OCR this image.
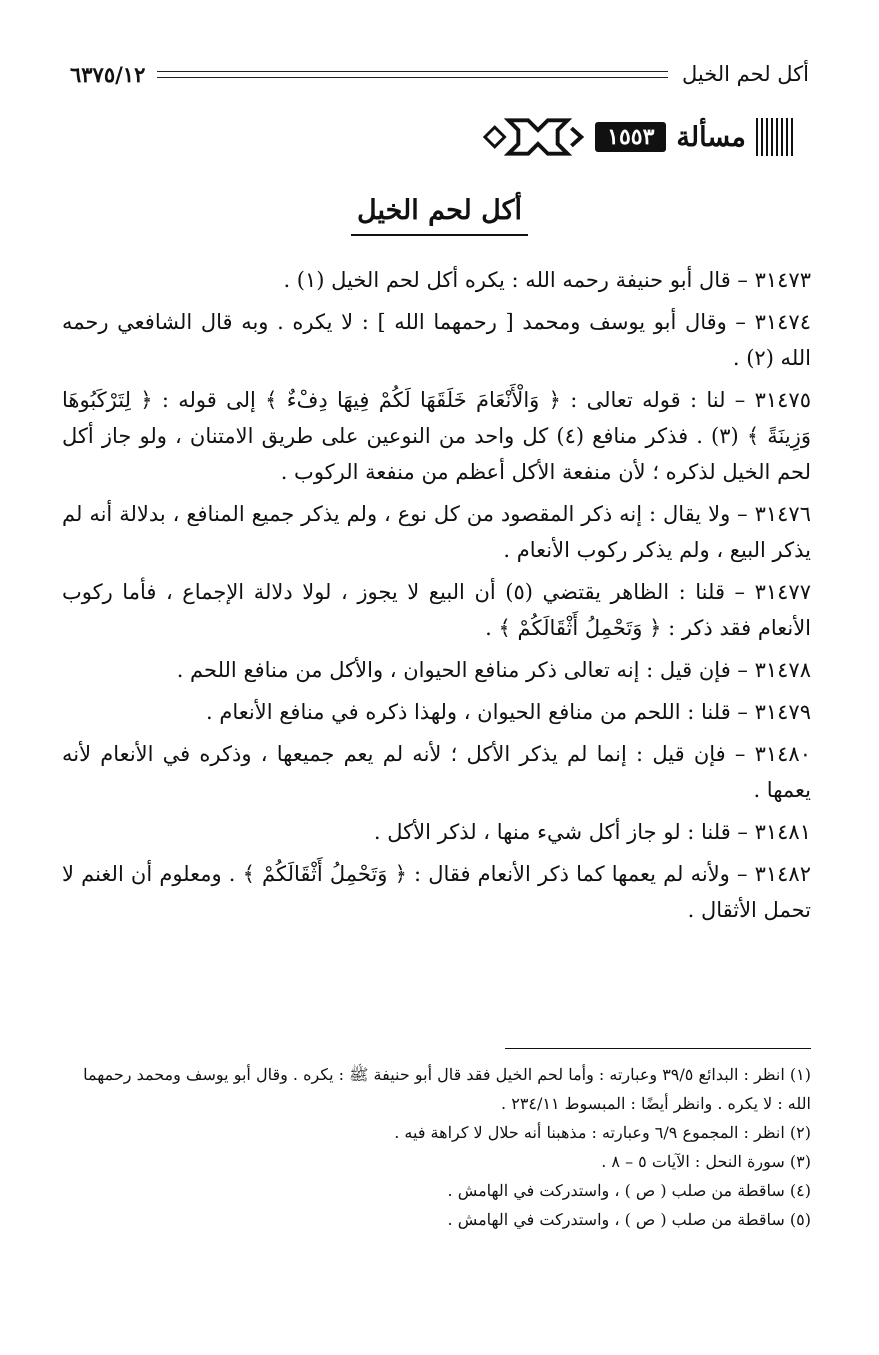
أكل لحم الخيل
٦٣٧٥/١٢
مسألة
١٥٥٣
أكل لحم الخيل

٣١٤٧٣ – قال أبو حنيفة رحمه الله : يكره أكل لحم الخيل (١) .

٣١٤٧٤ – وقال أبو يوسف ومحمد [ رحمهما الله ] : لا يكره . وبه قال الشافعي رحمه الله (٢) .

٣١٤٧٥ – لنا : قوله تعالى : ﴿ وَالْأَنْعَامَ خَلَقَهَا لَكُمْ فِيهَا دِفْءٌ ﴾ إلى قوله : ﴿ لِتَرْكَبُوهَا وَزِينَةً ﴾ (٣) . فذكر منافع (٤) كل واحد من النوعين على طريق الامتنان ، ولو جاز أكل لحم الخيل لذكره ؛ لأن منفعة الأكل أعظم من منفعة الركوب .

٣١٤٧٦ – ولا يقال : إنه ذكر المقصود من كل نوع ، ولم يذكر جميع المنافع ، بدلالة أنه لم يذكر البيع ، ولم يذكر ركوب الأنعام .

٣١٤٧٧ – قلنا : الظاهر يقتضي (٥) أن البيع لا يجوز ، لولا دلالة الإجماع ، فأما ركوب الأنعام فقد ذكر : ﴿ وَتَحْمِلُ أَثْقَالَكُمْ ﴾ .

٣١٤٧٨ – فإن قيل : إنه تعالى ذكر منافع الحيوان ، والأكل من منافع اللحم .

٣١٤٧٩ – قلنا : اللحم من منافع الحيوان ، ولهذا ذكره في منافع الأنعام .

٣١٤٨٠ – فإن قيل : إنما لم يذكر الأكل ؛ لأنه لم يعم جميعها ، وذكره في الأنعام لأنه يعمها .

٣١٤٨١ – قلنا : لو جاز أكل شيء منها ، لذكر الأكل .

٣١٤٨٢ – ولأنه لم يعمها كما ذكر الأنعام فقال : ﴿ وَتَحْمِلُ أَثْقَالَكُمْ ﴾ . ومعلوم أن الغنم لا تحمل الأثقال .

(١) انظر : البدائع ٣٩/٥ وعبارته : وأما لحم الخيل فقد قال أبو حنيفة ﷺ : يكره . وقال أبو يوسف ومحمد رحمهما الله : لا يكره . وانظر أيضًا : المبسوط ٢٣٤/١١ .

(٢) انظر : المجموع ٦/٩ وعبارته : مذهبنا أنه حلال لا كراهة فيه .

(٣) سورة النحل : الآيات ٥ – ٨ .

(٤) ساقطة من صلب ( ص ) ، واستدركت في الهامش .

(٥) ساقطة من صلب ( ص ) ، واستدركت في الهامش .
